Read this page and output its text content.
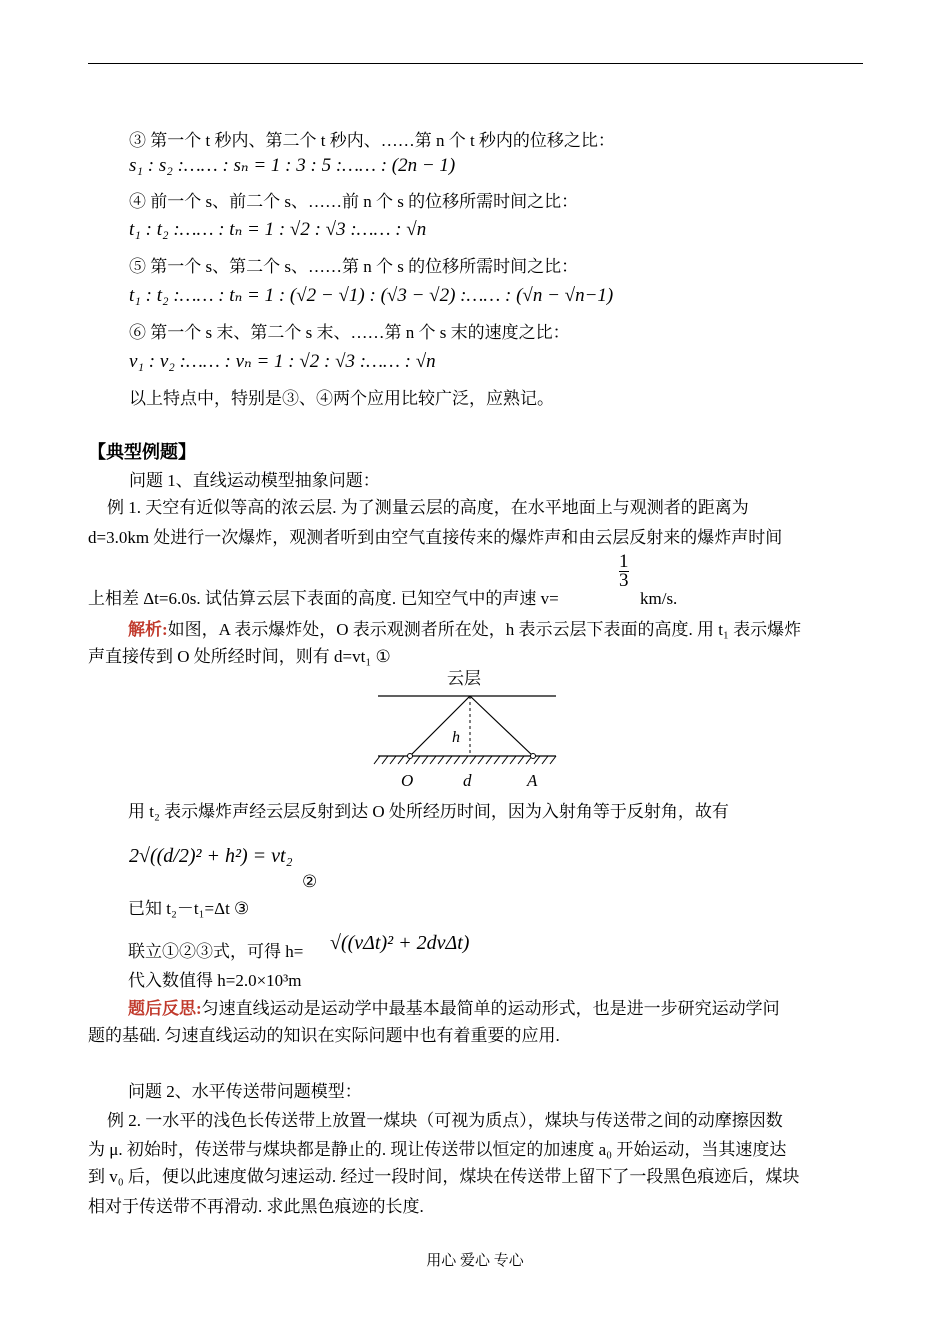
③ 第一个 t 秒内、第二个 t 秒内、……第 n 个 t 秒内的位移之比：
s₁ : s₂ :…… : sₙ = 1 : 3 : 5 :…… : (2n − 1)
④ 前一个 s、前二个 s、……前 n 个 s 的位移所需时间之比：
t₁ : t₂ :…… : tₙ = 1 : √2 : √3 :…… : √n
⑤ 第一个 s、第二个 s、……第 n 个 s 的位移所需时间之比：
t₁ : t₂ :…… : tₙ = 1 : (√2 − √1) : (√3 − √2) :…… : (√n − √n−1)
⑥ 第一个 s 末、第二个 s 末、……第 n 个 s 末的速度之比：
v₁ : v₂ :…… : vₙ = 1 : √2 : √3 :…… : √n
以上特点中，特别是③、④两个应用比较广泛，应熟记。
【典型例题】
问题 1、直线运动模型抽象问题：
例 1. 天空有近似等高的浓云层. 为了测量云层的高度，在水平地面上与观测者的距离为
d=3.0km 处进行一次爆炸，观测者听到由空气直接传来的爆炸声和由云层反射来的爆炸声时间
上相差 Δt=6.0s. 试估算云层下表面的高度. 已知空气中的声速 v=
$\frac{1}{3}$
km/s.
解析:如图，A 表示爆炸处，O 表示观测者所在处，h 表示云层下表面的高度. 用 t₁ 表示爆炸
声直接传到 O 处所经时间，则有 d=vt₁ ①
云层
h
O	d	A
用 t₂ 表示爆炸声经云层反射到达 O 处所经历时间，因为入射角等于反射角，故有
2√((d/2)² + h²) = vt₂
②
已知 t₂－t₁=Δt ③
联立①②③式，可得 h= √((vΔt)² + 2dvΔt)
代入数值得 h=2.0×10³m
题后反思:匀速直线运动是运动学中最基本最简单的运动形式，也是进一步研究运动学问
题的基础. 匀速直线运动的知识在实际问题中也有着重要的应用.
问题 2、水平传送带问题模型：
例 2. 一水平的浅色长传送带上放置一煤块（可视为质点），煤块与传送带之间的动摩擦因数
为 μ. 初始时，传送带与煤块都是静止的. 现让传送带以恒定的加速度 a₀ 开始运动，当其速度达
到 v₀ 后，便以此速度做匀速运动. 经过一段时间，煤块在传送带上留下了一段黑色痕迹后，煤块
相对于传送带不再滑动. 求此黑色痕迹的长度.
用心 爱心 专心
